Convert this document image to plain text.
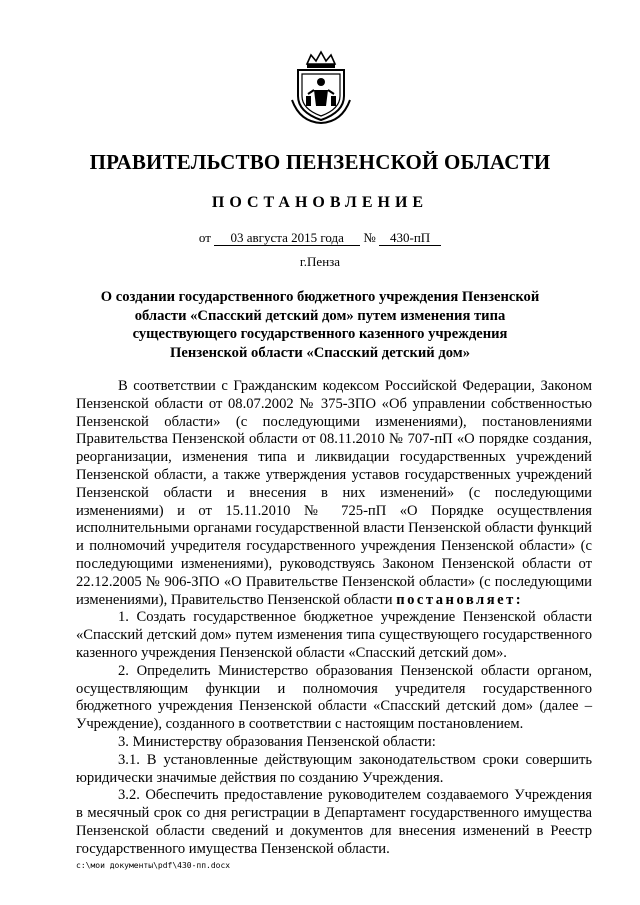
ПРАВИТЕЛЬСТВО ПЕНЗЕНСКОЙ ОБЛАСТИ
ПОСТАНОВЛЕНИЕ
от 03 августа 2015 года № 430-пП
г.Пенза
О создании государственного бюджетного учреждения Пензенской области «Спасский детский дом» путем изменения типа существующего государственного казенного учреждения Пензенской области «Спасский детский дом»

В соответствии с Гражданским кодексом Российской Федерации, Законом Пензенской области от 08.07.2002 № 375-ЗПО «Об управлении собственностью Пензенской области» (с последующими изменениями), постановлениями Правительства Пензенской области от 08.11.2010 № 707-пП «О порядке создания, реорганизации, изменения типа и ликвидации государственных учреждений Пензенской области, а также утверждения уставов государственных учреждений Пензенской области и внесения в них изменений» (с последующими изменениями) и от 15.11.2010 № 725-пП «О Порядке осуществления исполнительными органами государственной власти Пензенской области функций и полномочий учредителя государственного учреждения Пензенской области» (с последующими изменениями), руководствуясь Законом Пензенской области от 22.12.2005 № 906-ЗПО «О Правительстве Пензенской области» (с последующими изменениями), Правительство Пензенской области постановляет:

1. Создать государственное бюджетное учреждение Пензенской области «Спасский детский дом» путем изменения типа существующего государственного казенного учреждения Пензенской области «Спасский детский дом».

2. Определить Министерство образования Пензенской области органом, осуществляющим функции и полномочия учредителя государственного бюджетного учреждения Пензенской области «Спасский детский дом» (далее – Учреждение), созданного в соответствии с настоящим постановлением.

3. Министерству образования Пензенской области:

3.1. В установленные действующим законодательством сроки совершить юридически значимые действия по созданию Учреждения.

3.2. Обеспечить предоставление руководителем создаваемого Учреждения в месячный срок со дня регистрации в Департамент государственного имущества Пензенской области сведений и документов для внесения изменений в Реестр государственного имущества Пензенской области.

c:\мои документы\pdf\430-пп.docx
